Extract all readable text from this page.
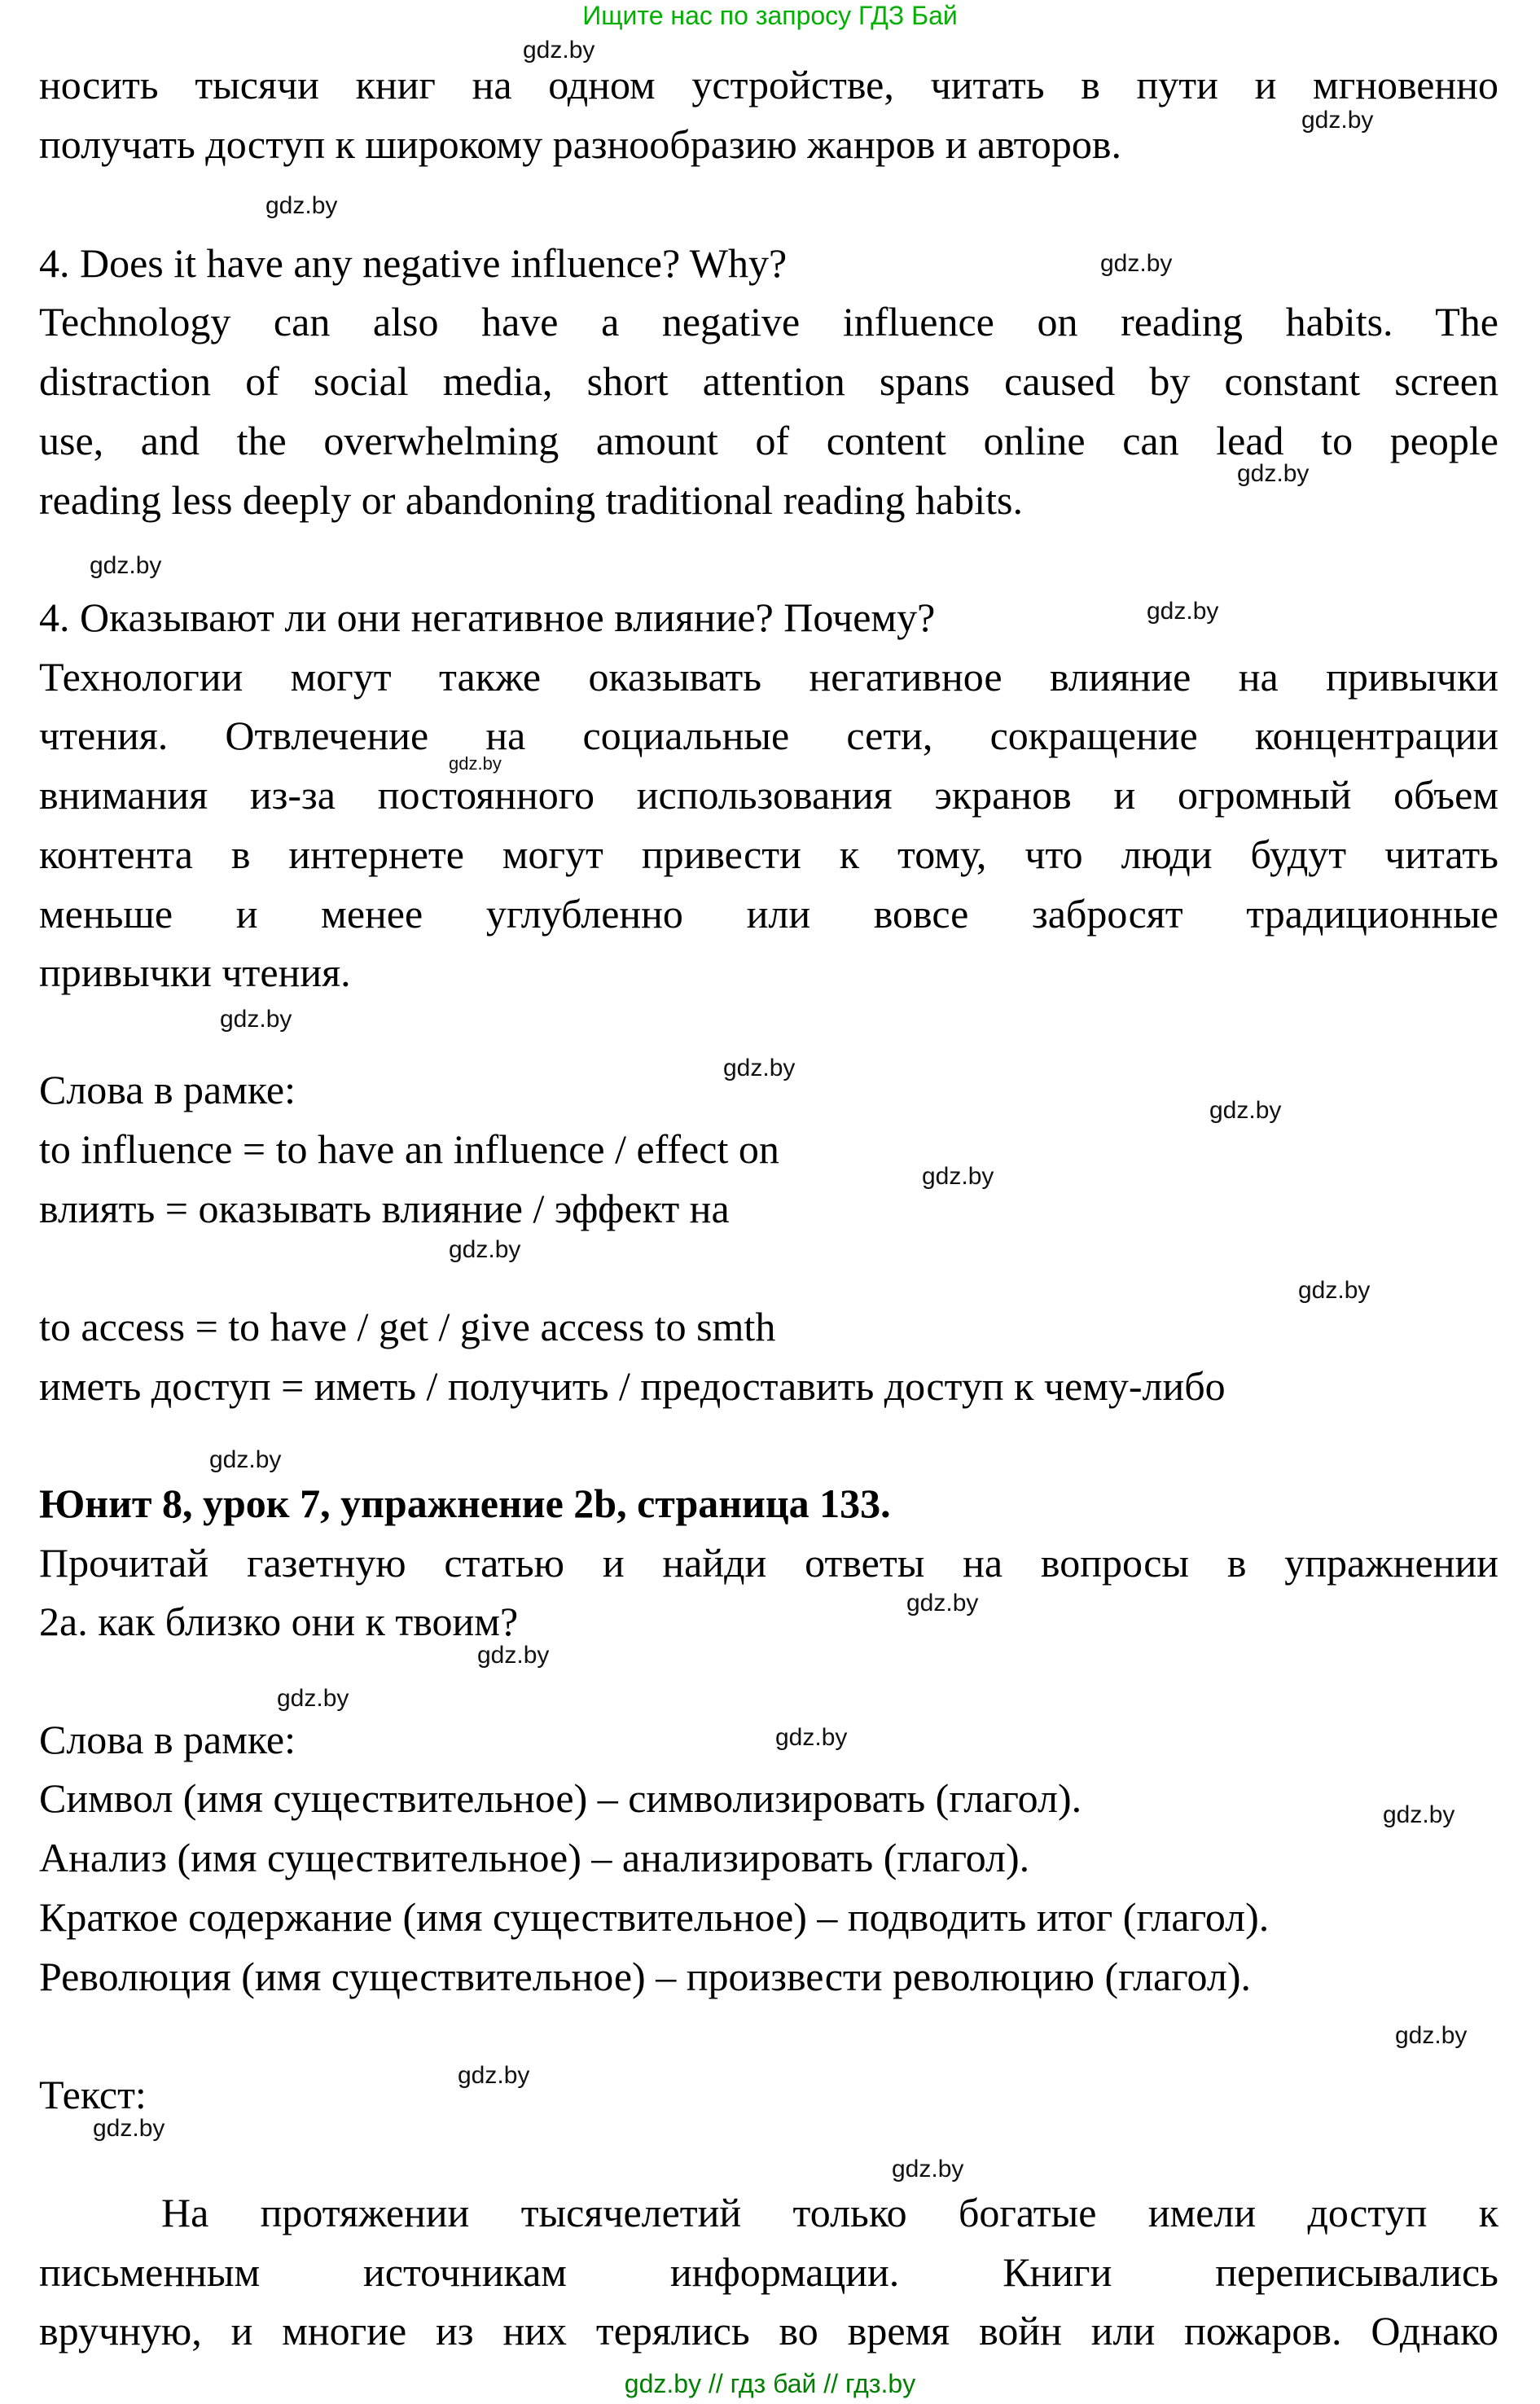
Ищите нас по запросу ГДЗ Бай
носить тысячи книг на одном устройстве, читать в пути и мгновенно
получать доступ к широкому разнообразию жанров и авторов.
4. Does it have any negative influence? Why?
Technology can also have a negative influence on reading habits. The
distraction of social media, short attention spans caused by constant screen
use, and the overwhelming amount of content online can lead to people
reading less deeply or abandoning traditional reading habits.
4. Оказывают ли они негативное влияние? Почему?
Технологии могут также оказывать негативное влияние на привычки
чтения. Отвлечение на социальные сети, сокращение концентрации
внимания из-за постоянного использования экранов и огромный объем
контента в интернете могут привести к тому, что люди будут читать
меньше и менее углубленно или вовсе забросят традиционные
привычки чтения.
Слова в рамке:
to influence = to have an influence / effect on
влиять = оказывать влияние / эффект на
to access = to have / get / give access to smth
иметь доступ = иметь / получить / предоставить доступ к чему-либо
Юнит 8, урок 7, упражнение 2b, страница 133.
Прочитай газетную статью и найди ответы на вопросы в упражнении
2a. как близко они к твоим?
Слова в рамке:
Символ (имя существительное) – символизировать (глагол).
Анализ (имя существительное) – анализировать (глагол).
Краткое содержание (имя существительное) – подводить итог (глагол).
Революция (имя существительное) – произвести революцию (глагол).
Текст:
На протяжении тысячелетий только богатые имели доступ к
письменным источникам информации. Книги переписывались
вручную, и многие из них терялись во время войн или пожаров. Однако
gdz.by
gdz.by
gdz.by
gdz.by
gdz.by
gdz.by
gdz.by
gdz.by
gdz.by
gdz.by
gdz.by
gdz.by
gdz.by
gdz.by
gdz.by
gdz.by
gdz.by
gdz.by
gdz.by
gdz.by
gdz.by
gdz.by
gdz.by
gdz.by
gdz.by // гдз бай // гдз.by
